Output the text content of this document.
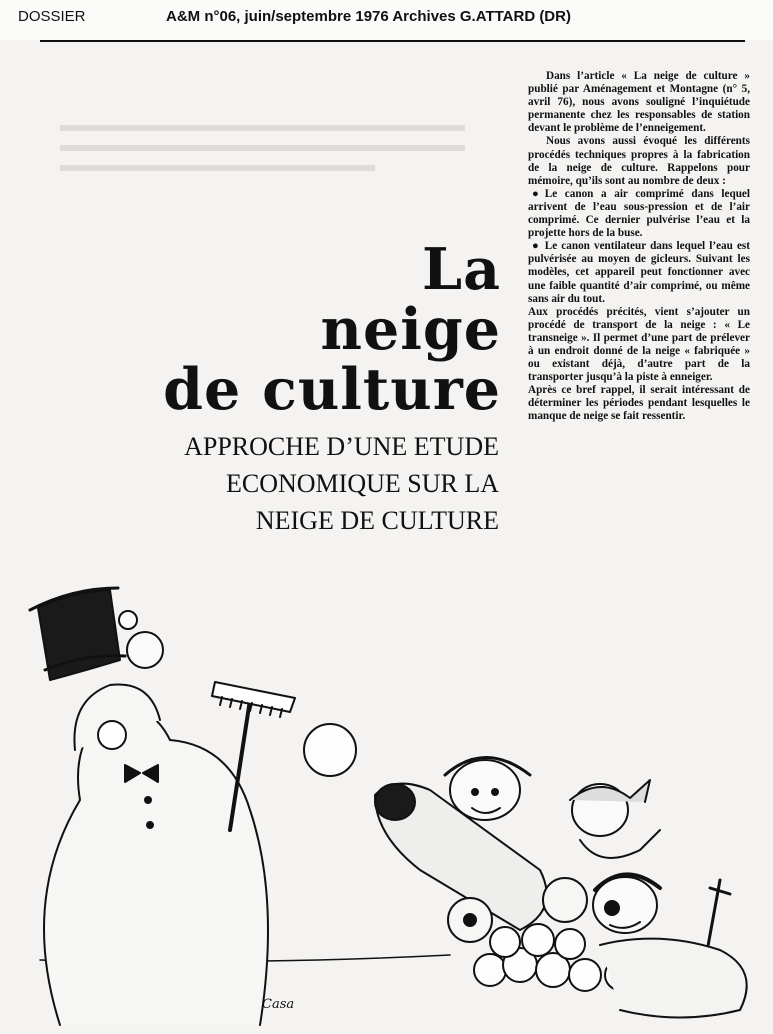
DOSSIER	A&M n°06, juin/septembre 1976 Archives G.ATTARD (DR)

La
neige
de culture
APPROCHE D’UNE ETUDE
ECONOMIQUE SUR LA
NEIGE DE CULTURE

Dans l’article « La neige de culture » publié par Aménagement et Montagne (n° 5, avril 76), nous avons souligné l’inquiétude permanente chez les responsables de station devant le problème de l’enneigement.

Nous avons aussi évoqué les différents procédés techniques propres à la fabrication de la neige de culture. Rappelons pour mémoire, qu’ils sont au nombre de deux :

● Le canon a air comprimé dans lequel arrivent de l’eau sous-pression et de l’air comprimé. Ce dernier pulvérise l’eau et la projette hors de la buse.

● Le canon ventilateur dans lequel l’eau est pulvérisée au moyen de gicleurs. Suivant les modèles, cet appareil peut fonctionner avec une faible quantité d’air comprimé, ou même sans air du tout.

Aux procédés précités, vient s’ajouter un procédé de transport de la neige : « Le transneige ». Il permet d’une part de prélever à un endroit donné de la neige « fabriquée » ou existant déjà, d’autre part de la transporter jusqu’à la piste à enneiger.

Après ce bref rappel, il serait intéressant de déterminer les périodes pendant lesquelles le manque de neige se fait ressentir.

Casa
